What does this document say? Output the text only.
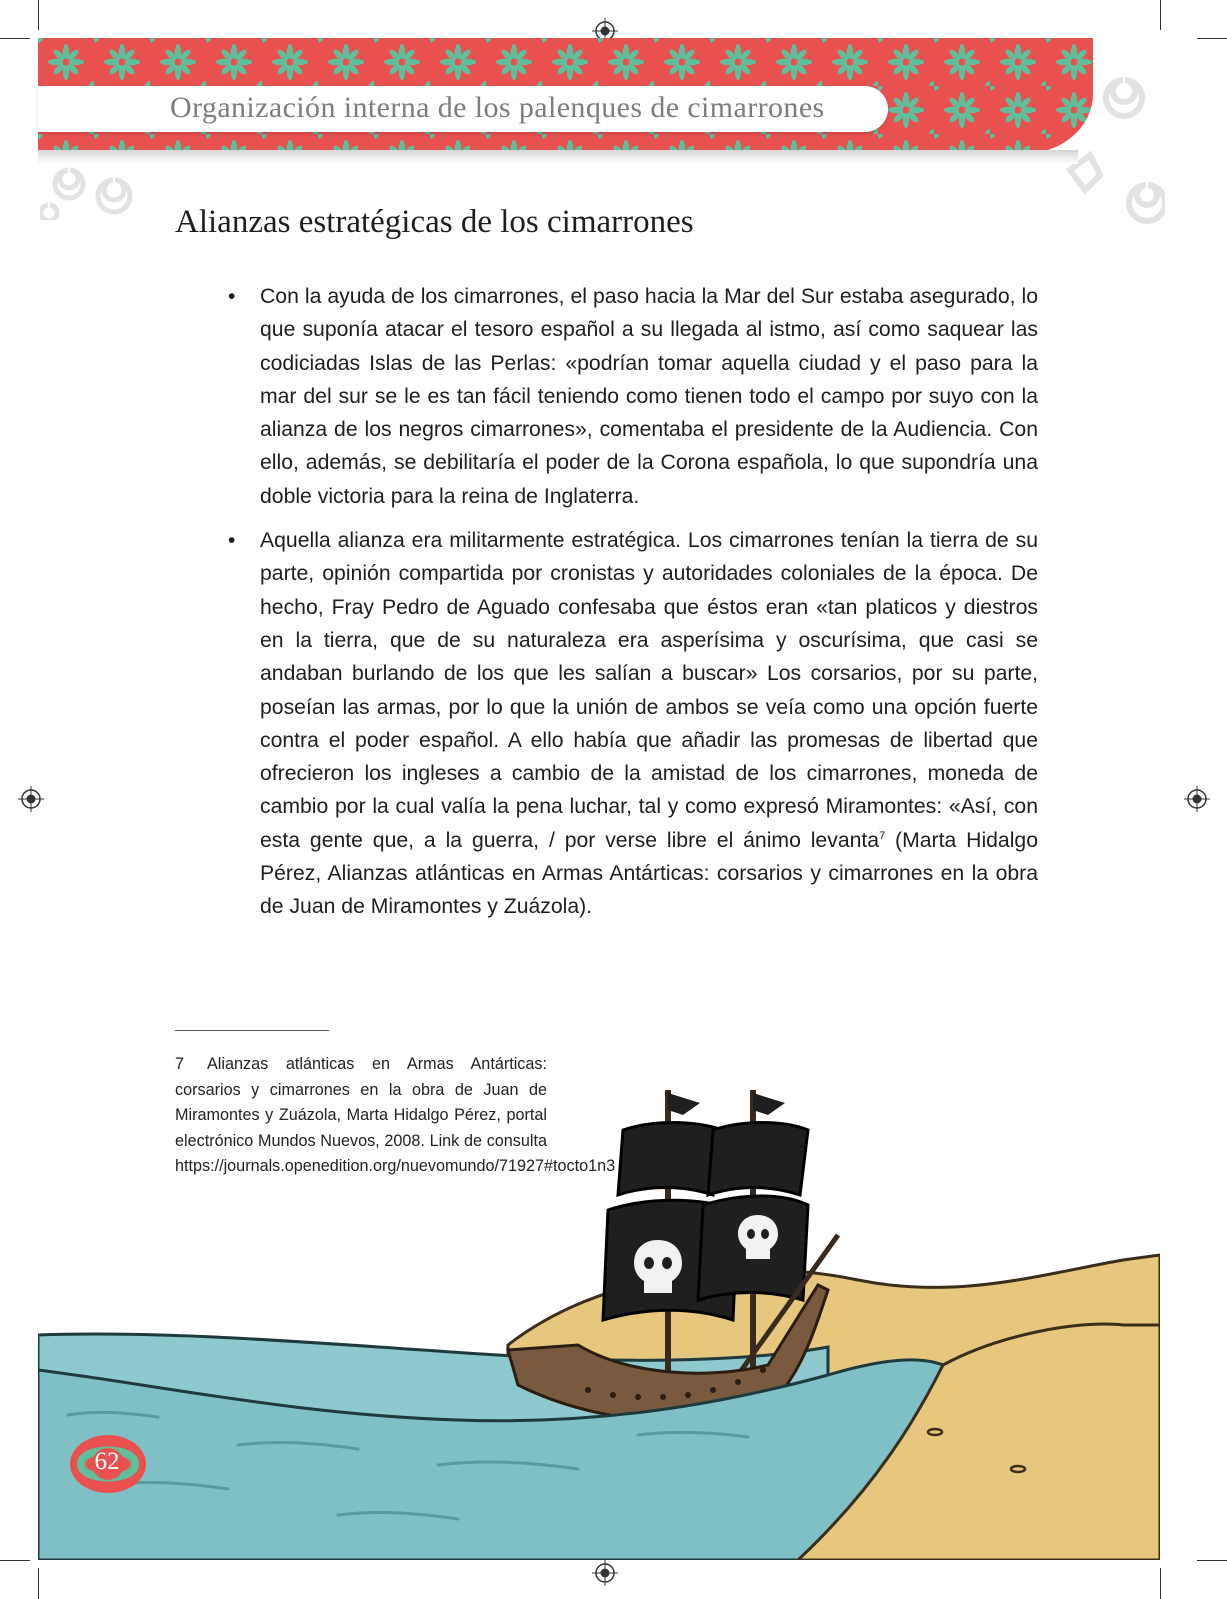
Organización interna de los palenques de cimarrones
Alianzas estratégicas de los cimarrones
• Con la ayuda de los cimarrones, el paso hacia la Mar del Sur estaba asegurado, lo que suponía atacar el tesoro español a su llegada al istmo, así como saquear las codiciadas Islas de las Perlas: «podrían tomar aquella ciudad y el paso para la mar del sur se le es tan fácil teniendo como tienen todo el campo por suyo con la alianza de los negros cimarrones», comentaba el presidente de la Audiencia. Con ello, además, se debilitaría el poder de la Corona española, lo que supondría una doble victoria para la reina de Inglaterra.
• Aquella alianza era militarmente estratégica. Los cimarrones tenían la tierra de su parte, opinión compartida por cronistas y autoridades coloniales de la época. De hecho, Fray Pedro de Aguado confesaba que éstos eran «tan platicos y diestros en la tierra, que de su naturaleza era asperísima y oscurísima, que casi se andaban burlando de los que les salían a buscar» Los corsarios, por su parte, poseían las armas, por lo que la unión de ambos se veía como una opción fuerte contra el poder español. A ello había que añadir las promesas de libertad que ofrecieron los ingleses a cambio de la amistad de los cimarrones, moneda de cambio por la cual valía la pena luchar, tal y como expresó Miramontes: «Así, con esta gente que, a la guerra, / por verse libre el ánimo levanta$^7$ (Marta Hidalgo Pérez, Alianzas atlánticas en Armas Antárticas: corsarios y cimarrones en la obra de Juan de Miramontes y Zuázola).
7 Alianzas atlánticas en Armas Antárticas: corsarios y cimarrones en la obra de Juan de Miramontes y Zuázola, Marta Hidalgo Pérez, portal electrónico Mundos Nuevos, 2008. Link de consulta https://journals.openedition.org/nuevomundo/71927#tocto1n3
62
